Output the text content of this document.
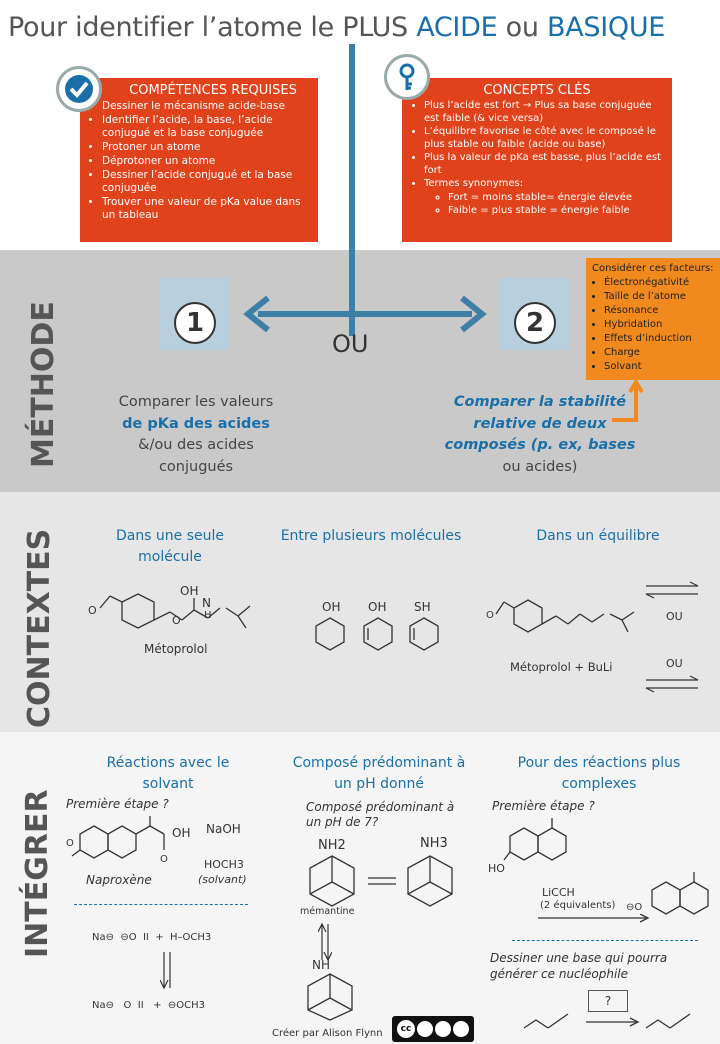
Pour identifier l’atome le PLUS ACIDE ou BASIQUE
MÉTHODE
CONTEXTES
INTÉGRER
COMPÉTENCES REQUISES
• Dessiner le mécanisme acide-base
• Identifier l’acide, la base, l’acide conjugué et la base conjuguée
• Protoner un atome
• Déprotoner un atome
• Dessiner l’acide conjugué et la base conjuguée
• Trouver une valeur de pKa value dans un tableau
CONCEPTS CLÉS
• Plus l’acide est fort → Plus sa base conjuguée est faible (& vice versa)
• L’équilibre favorise le côté avec le composé le plus stable ou faible (acide ou base)
• Plus la valeur de pKa est basse, plus l’acide est fort
• Termes synonymes:
◦ Fort = moins stable= énergie élevée
◦ Faible = plus stable = énergie faible
OU
1	2
Considérer ces facteurs:
• Électronégativité
• Taille de l’atome
• Résonance
• Hybridation
• Effets d’induction
• Charge
• Solvant
Comparer les valeurs
de pKa des acides
&/ou des acides
conjugués
Comparer la stabilité
relative de deux
composés (p. ex, bases
ou acides)
Dans une seule molécule
Entre plusieurs molécules	Dans un équilibre
O
O
OH
N
H
Métoprolol
OH OH SH
O	OU
OU
Métoprolol + BuLi
Réactions avec le solvant
Composé prédominant à un pH donné
Pour des réactions plus complexes
Première étape ?	Composé prédominant à un pH de 7?
Première étape ?
O
O
OH NaOH
HOCH3
(solvant)
Naproxène
Na⊖  ⊖O  II  +  H–OCH3
Na⊖   O  II   +  ⊖OCH3
NH2	NH3
mémantine
NH
HO
LiCCH
(2 équivalents) ⊖O
Dessiner une base qui pourra générer ce nucléophile
?
Créer par Alison Flynn	cc
